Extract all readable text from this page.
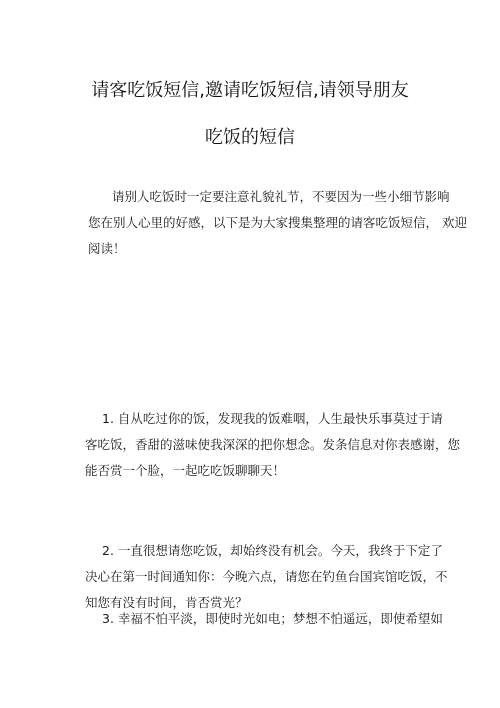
请客吃饭短信,邀请吃饭短信,请领导朋友
吃饭的短信
请别人吃饭时一定要注意礼貌礼节，不要因为一些小细节影响
您在别人心里的好感，以下是为大家搜集整理的请客吃饭短信， 欢迎
阅读！
1. 自从吃过你的饭，发现我的饭难咽，人生最快乐事莫过于请
客吃饭，香甜的滋味使我深深的把你想念。发条信息对你表感谢，您
能否赏一个脸，一起吃吃饭聊聊天！
2. 一直很想请您吃饭，却始终没有机会。今天，我终于下定了
决心在第一时间通知你：今晚六点，请您在钓鱼台国宾馆吃饭，不
知您有没有时间，肯否赏光？
3. 幸福不怕平淡，即使时光如电；梦想不怕遥远，即使希望如
